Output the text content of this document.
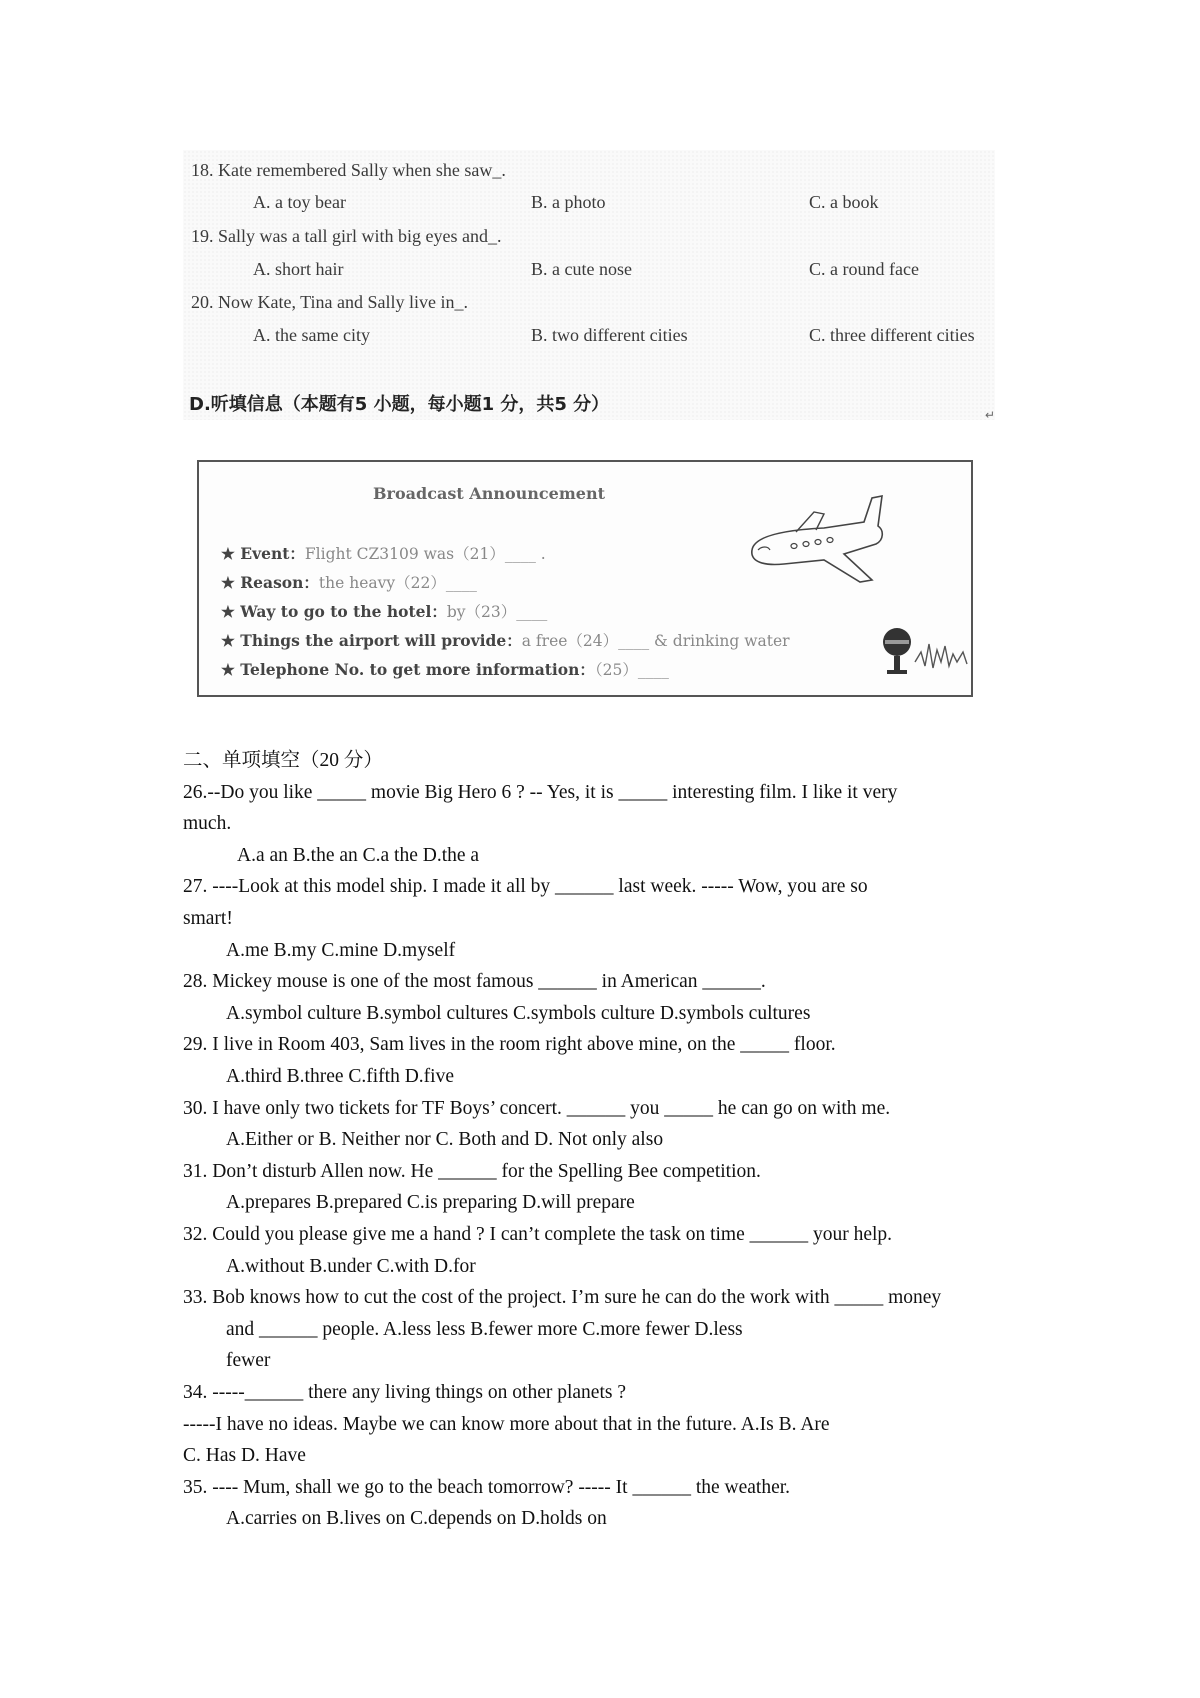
18. Kate remembered Sally when she saw_.
A. a toy bear	B. a photo	C. a book
19. Sally was a tall girl with big eyes and_.
A. short hair	B. a cute nose	C. a round face
20. Now Kate, Tina and Sally live in_.
A. the same city	B. two different cities	C. three different cities
D.听填信息（本题有5 小题，每小题1 分，共5 分）	↵
Broadcast Announcement
★ Event：Flight CZ3109 was（21）____ .
★ Reason：the heavy（22）____
★ Way to go to the hotel：by（23）____
★ Things the airport will provide：a free（24）____ & drinking water
★ Telephone No. to get more information：（25）____
二、单项填空（20 分）
26.--Do you like _____ movie Big Hero 6 ? -- Yes, it is _____ interesting film. I like it very
much.
A.a an B.the an C.a the D.the a
27. ----Look at this model ship. I made it all by ______ last week. ----- Wow, you are so
smart!
A.me B.my C.mine D.myself
28. Mickey mouse is one of the most famous ______ in American ______.
A.symbol culture B.symbol cultures C.symbols culture D.symbols cultures
29. I live in Room 403, Sam lives in the room right above mine, on the _____ floor.
A.third B.three C.fifth D.five
30. I have only two tickets for TF Boys’ concert. ______ you _____ he can go on with me.
A.Either or B. Neither nor C. Both and D. Not only also
31. Don’t disturb Allen now. He ______ for the Spelling Bee competition.
A.prepares B.prepared C.is preparing D.will prepare
32. Could you please give me a hand ? I can’t complete the task on time ______ your help.
A.without B.under C.with D.for
33. Bob knows how to cut the cost of the project. I’m sure he can do the work with _____ money
and ______ people. A.less less B.fewer more C.more fewer D.less
fewer
34. -----______ there any living things on other planets ?
-----I have no ideas. Maybe we can know more about that in the future. A.Is B. Are
C. Has D. Have
35. ---- Mum, shall we go to the beach tomorrow? ----- It ______ the weather.
A.carries on B.lives on C.depends on D.holds on
